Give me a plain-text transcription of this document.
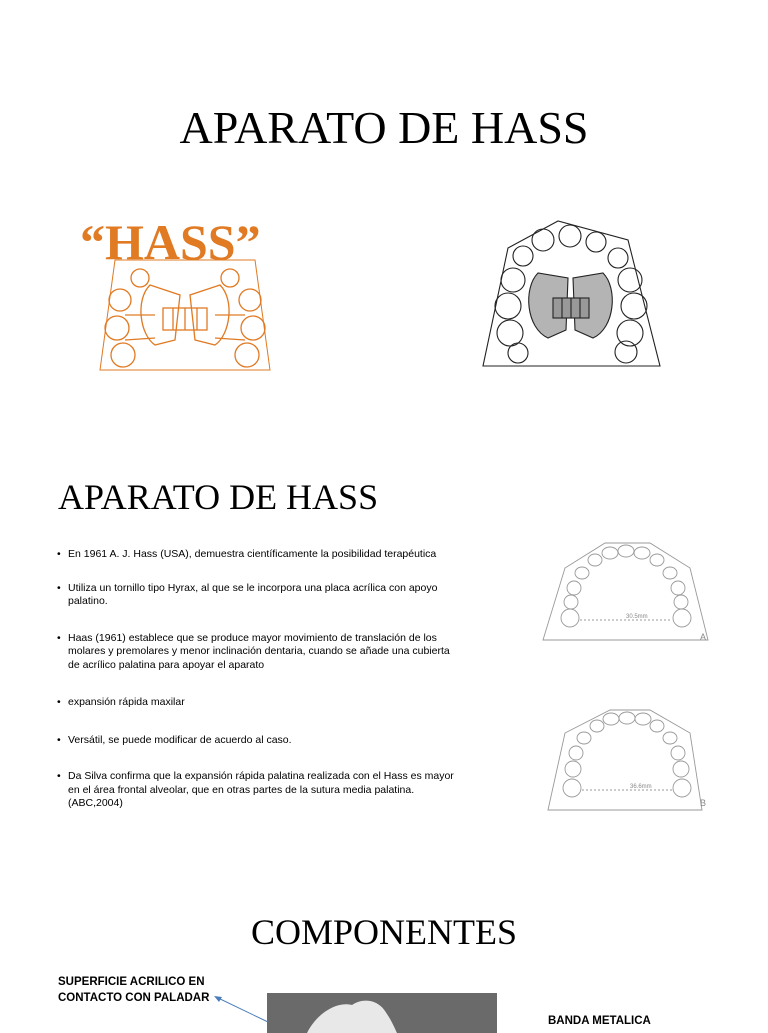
APARATO DE HASS
“HASS”
APARATO DE HASS
• En 1961 A. J. Hass (USA), demuestra científicamente la posibilidad terapéutica
• Utiliza un tornillo tipo Hyrax, al que se le incorpora una placa acrílica con apoyo palatino.
• Haas (1961) establece que se produce mayor movimiento de translación de los molares y premolares y menor inclinación dentaria, cuando se añade una cubierta de acrílico palatina para apoyar el aparato
• expansión rápida maxilar
• Versátil, se puede modificar de acuerdo al caso.
• Da Silva confirma que la expansión rápida palatina realizada con el Hass es mayor en el área frontal alveolar, que en otras partes de la sutura media palatina. (ABC,2004)
30.5mm
A
36.6mm
B
COMPONENTES
SUPERFICIE ACRILICO EN CONTACTO CON PALADAR
BANDA METALICA
